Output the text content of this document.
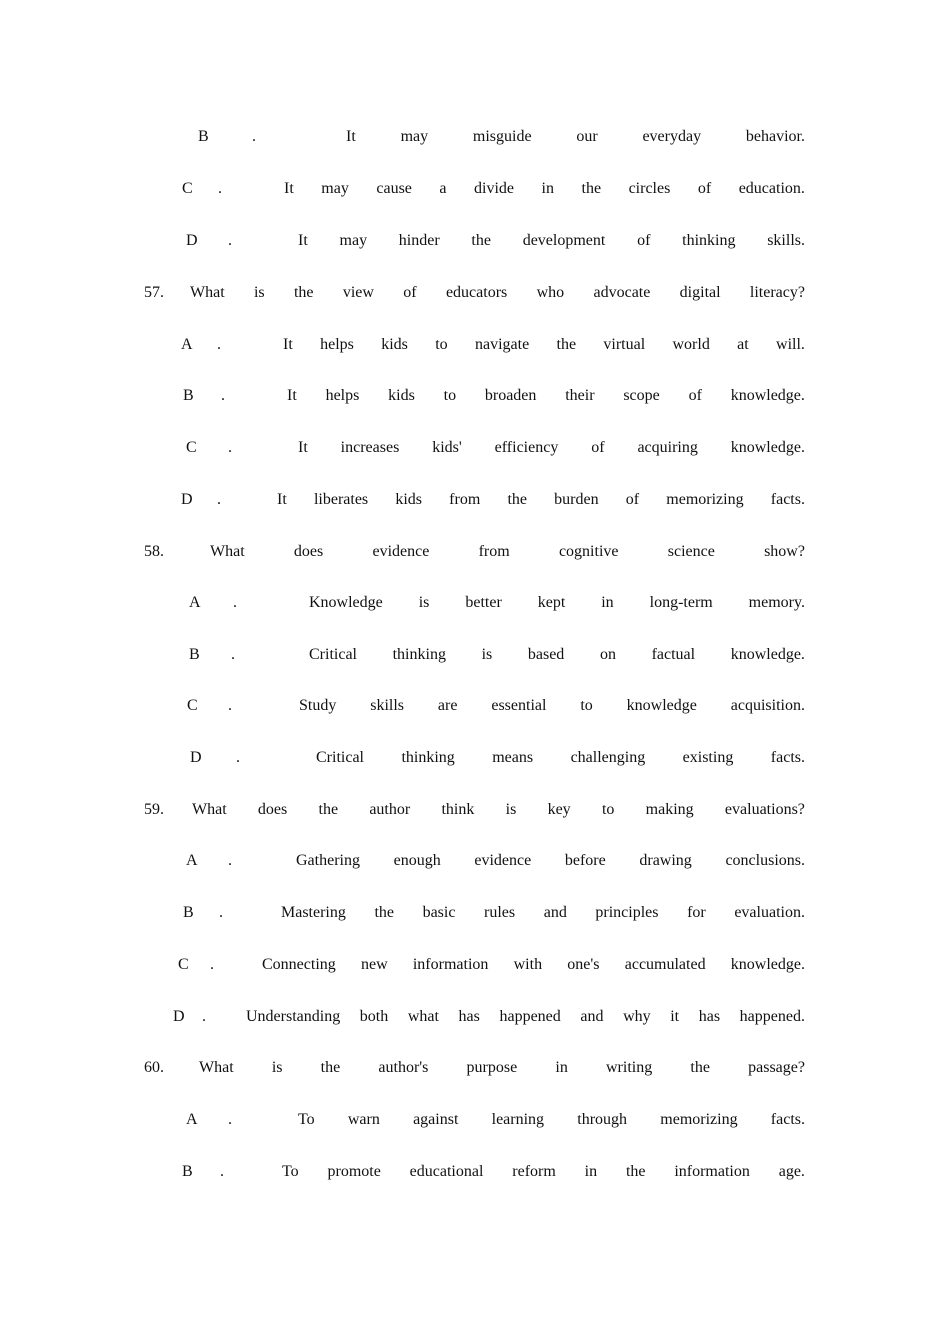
B	.	It	may	misguide	our	everyday	behavior.
C .	It may cause a divide in the circles of education.
D .	It may hinder the development of thinking skills.
57. What is the view of educators who advocate digital literacy?
A .	It helps kids to navigate the virtual world at will.
B .	It helps kids to broaden their scope of knowledge.
C .	It increases kids' efficiency of acquiring knowledge.
D .	It liberates kids from the burden of memorizing facts.
58.	What	does	evidence	from	cognitive	science	show?
A .	Knowledge is better kept in long-term memory.
B .	Critical thinking is based on factual knowledge.
C .	Study skills are essential to knowledge acquisition.
D .	Critical thinking means challenging existing facts.
59. What does the author think is key to making evaluations?
A .	Gathering enough evidence before drawing conclusions.
B .	Mastering the basic rules and principles for evaluation.
C .	Connecting new information with one's accumulated knowledge.
D .	Understanding both what has happened and why it has happened.
60. What is the author's purpose in writing the passage?
A .	To warn against learning through memorizing facts.
B .	To promote educational reform in the information age.
